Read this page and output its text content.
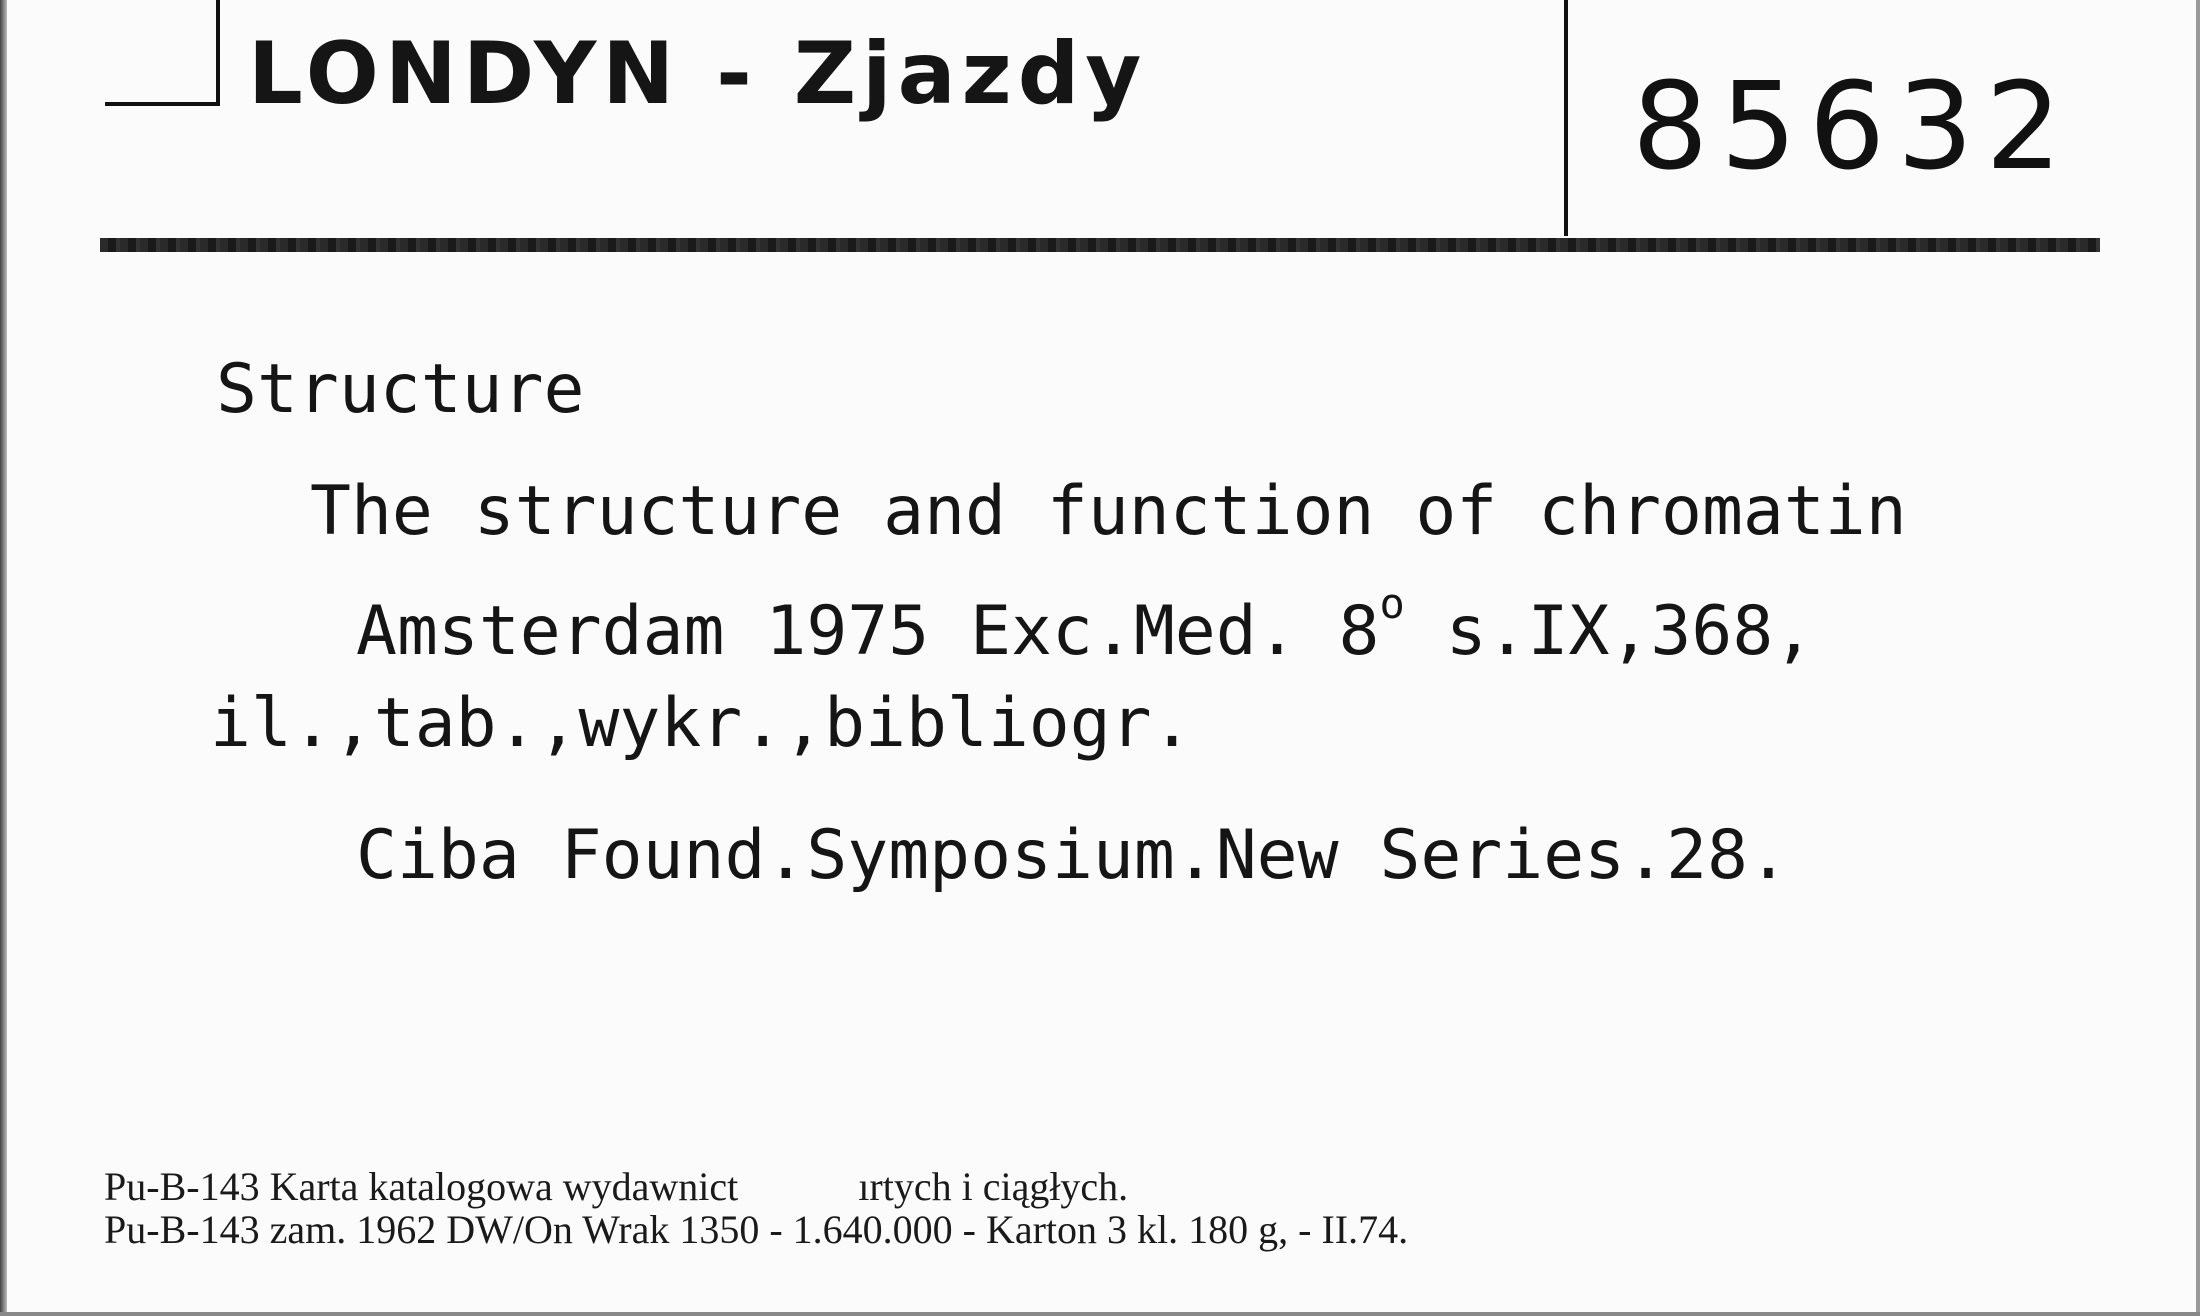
LONDYN - Zjazdy	85632
Structure
The structure and function of chromatin
Amsterdam 1975 Exc.Med. 8$^o$ s.IX,368,
il.,tab.,wykr.,bibliogr.
Ciba Found.Symposium.New Series.28.
Pu-B-143 Karta katalogowa wydawnict	ırtych i ciągłych.
Pu-B-143 zam. 1962 DW/On Wrak 1350 - 1.640.000 - Karton 3 kl. 180 g, - II.74.
